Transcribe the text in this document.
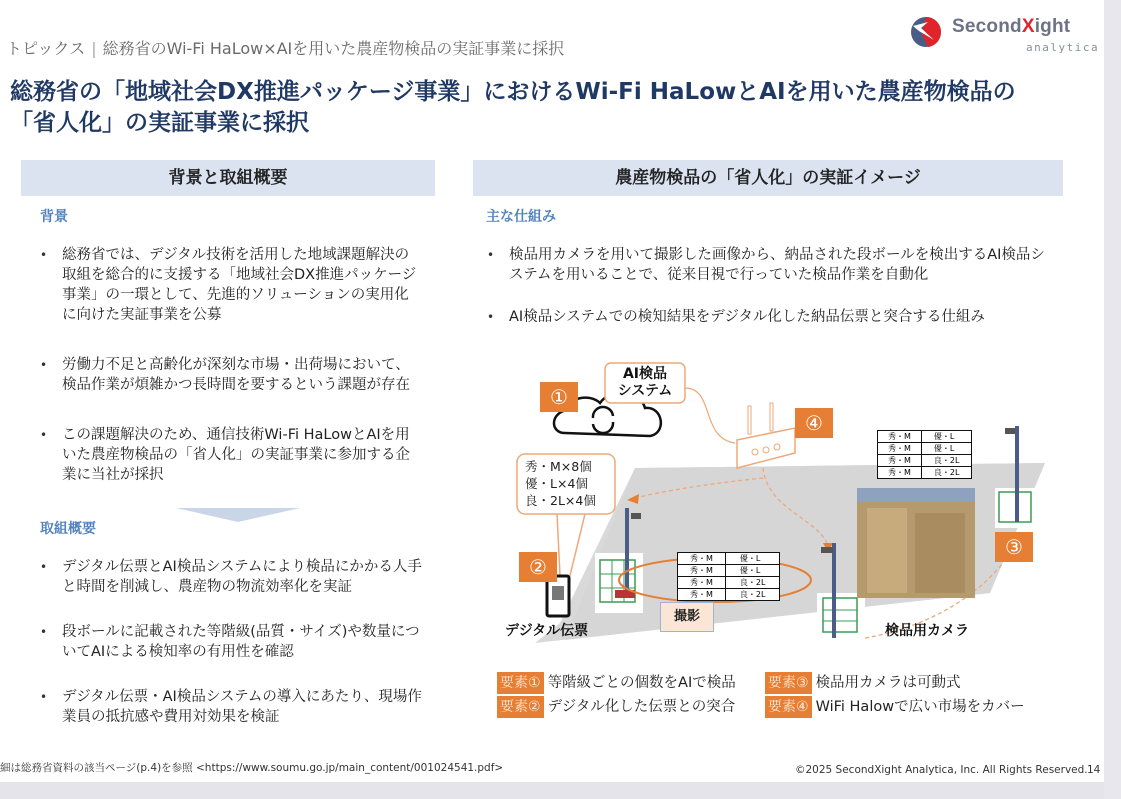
トピックス | 総務省のWi-Fi HaLow×AIを用いた農産物検品の実証事業に採択
SecondXight
analytica
総務省の「地域社会DX推進パッケージ事業」におけるWi-Fi HaLowとAIを用いた農産物検品の
「省人化」の実証事業に採択
背景と取組概要
背景
• 総務省では、デジタル技術を活用した地域課題解決の取組を総合的に支援する「地域社会DX推進パッケージ事業」の一環として、先進的ソリューションの実用化に向けた実証事業を公募
• 労働力不足と高齢化が深刻な市場・出荷場において、検品作業が煩雑かつ長時間を要するという課題が存在
• この課題解決のため、通信技術Wi-Fi HaLowとAIを用いた農産物検品の「省人化」の実証事業に参加する企業に当社が採択
取組概要
• デジタル伝票とAI検品システムにより検品にかかる人手と時間を削減し、農産物の物流効率化を実証
• 段ボールに記載された等階級(品質・サイズ)や数量についてAIによる検知率の有用性を確認
• デジタル伝票・AI検品システムの導入にあたり、現場作業員の抵抗感や費用対効果を検証
農産物検品の「省人化」の実証イメージ
主な仕組み
• 検品用カメラを用いて撮影した画像から、納品された段ボールを検出するAI検品システムを用いることで、従来目視で行っていた検品作業を自動化
• AI検品システムでの検知結果をデジタル化した納品伝票と突合する仕組み
AI検品
システム
①
②
③
④
秀・M×8個
優・L×4個
良・2L×4個
秀・M	優・L
秀・M	優・L
秀・M	良・2L
秀・M	良・2L
秀・M	優・L
秀・M	優・L
秀・M	良・2L
秀・M	良・2L
撮影
デジタル伝票	検品用カメラ
要素① 等階級ごとの個数をAIで検品
要素② デジタル化した伝票との突合
要素③ 検品用カメラは可動式
要素④ WiFi Halowで広い市場をカバー
細は総務省資料の該当ページ(p.4)を参照 <https://www.soumu.go.jp/main_content/001024541.pdf>	©2025 SecondXight Analytica, Inc. All Rights Reserved. 14
